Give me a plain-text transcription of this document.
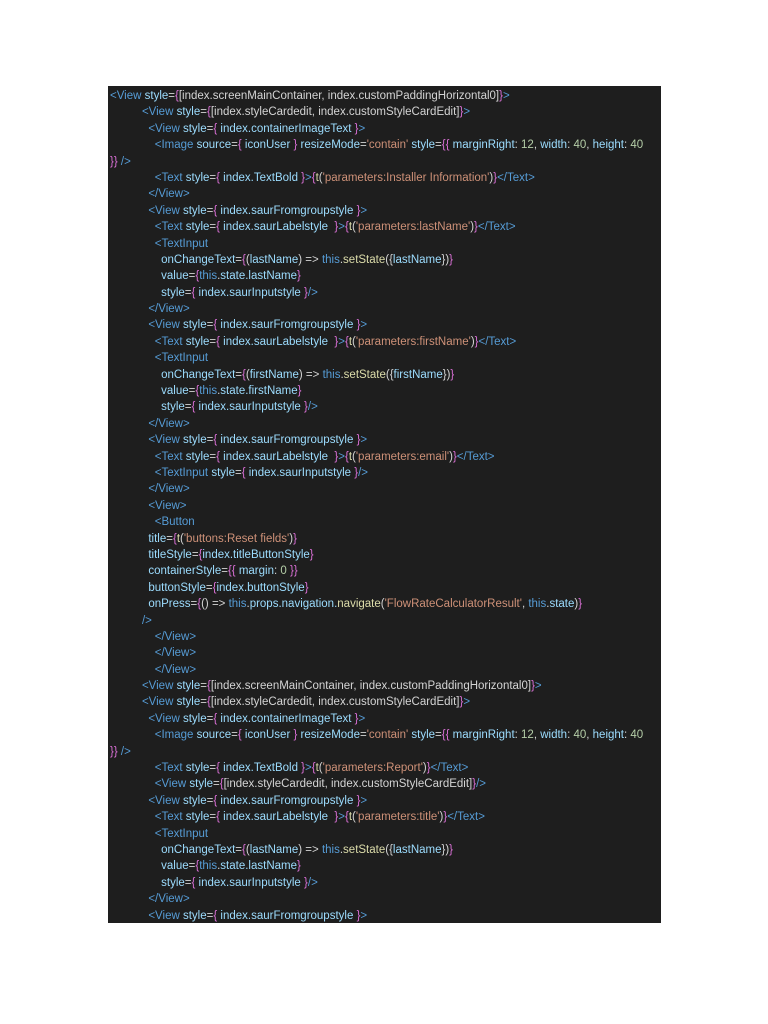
<View style={[index.screenMainContainer, index.customPaddingHorizontal0]}>
<View style={[index.styleCardedit, index.customStyleCardEdit]}>
<View style={ index.containerImageText }>
<Image source={ iconUser } resizeMode='contain' style={{ marginRight: 12, width: 40, height: 40
}} />
<Text style={ index.TextBold }>{t('parameters:Installer Information')}</Text>
</View>
<View style={ index.saurFromgroupstyle }>
<Text style={ index.saurLabelstyle  }>{t('parameters:lastName')}</Text>
<TextInput
onChangeText={(lastName) => this.setState({lastName})}
value={this.state.lastName}
style={ index.saurInputstyle }/>
</View>
<View style={ index.saurFromgroupstyle }>
<Text style={ index.saurLabelstyle  }>{t('parameters:firstName')}</Text>
<TextInput
onChangeText={(firstName) => this.setState({firstName})}
value={this.state.firstName}
style={ index.saurInputstyle }/>
</View>
<View style={ index.saurFromgroupstyle }>
<Text style={ index.saurLabelstyle  }>{t('parameters:email')}</Text>
<TextInput style={ index.saurInputstyle }/>
</View>
<View>
<Button
title={t('buttons:Reset fields')}
titleStyle={index.titleButtonStyle}
containerStyle={{ margin: 0 }}
buttonStyle={index.buttonStyle}
onPress={() => this.props.navigation.navigate('FlowRateCalculatorResult', this.state)}
/>
</View>
</View>
</View>
<View style={[index.screenMainContainer, index.customPaddingHorizontal0]}>
<View style={[index.styleCardedit, index.customStyleCardEdit]}>
<View style={ index.containerImageText }>
<Image source={ iconUser } resizeMode='contain' style={{ marginRight: 12, width: 40, height: 40
}} />
<Text style={ index.TextBold }>{t('parameters:Report')}</Text>
<View style={[index.styleCardedit, index.customStyleCardEdit]}/>
<View style={ index.saurFromgroupstyle }>
<Text style={ index.saurLabelstyle  }>{t('parameters:title')}</Text>
<TextInput
onChangeText={(lastName) => this.setState({lastName})}
value={this.state.lastName}
style={ index.saurInputstyle }/>
</View>
<View style={ index.saurFromgroupstyle }>
